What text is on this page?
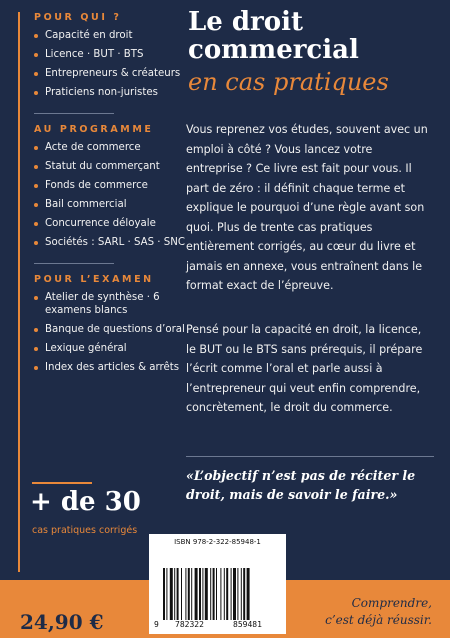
POUR QUI ?
Capacité en droit
Licence · BUT · BTS
Entrepreneurs & créateurs
Praticiens non-juristes
AU PROGRAMME
Acte de commerce
Statut du commerçant
Fonds de commerce
Bail commercial
Concurrence déloyale
Sociétés : SARL · SAS · SNC
POUR L’EXAMEN
Atelier de synthèse · 6 examens blancs
Banque de questions d’oral
Lexique général
Index des articles & arrêts
+ de 30
cas pratiques corrigés
Le droit
commercial
en cas pratiques

Vous reprenez vos études, souvent avec un emploi à côté ? Vous lancez votre entreprise ? Ce livre est fait pour vous. Il part de zéro : il définit chaque terme et explique le pourquoi d’une règle avant son quoi. Plus de trente cas pratiques entièrement corrigés, au cœur du livre et jamais en annexe, vous entraînent dans le format exact de l’épreuve.

Pensé pour la capacité en droit, la licence, le BUT ou le BTS sans prérequis, il prépare l’écrit comme l’oral et parle aussi à l’entrepreneur qui veut enfin comprendre, concrètement, le droit du commerce.

«L’objectif n’est pas de réciter le droit, mais de savoir le faire.»

24,90 €
Comprendre, c’est déjà réussir.
ISBN 978-2-322-85948-1
9 782322	859481
